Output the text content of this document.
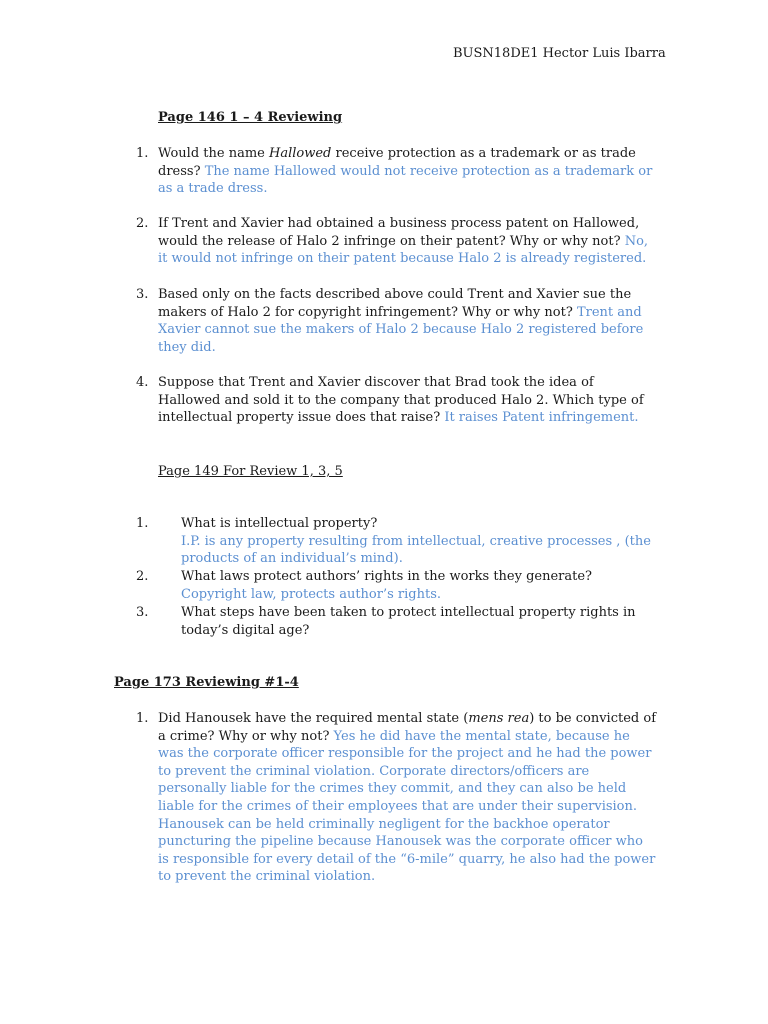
BUSN18DE1 Hector Luis Ibarra
Page 146 1 – 4 Reviewing
1. Would the name Hallowed receive protection as a trademark or as trade dress? The name Hallowed would not receive protection as a trademark or as a trade dress.
2. If Trent and Xavier had obtained a business process patent on Hallowed, would the release of Halo 2 infringe on their patent? Why or why not? No, it would not infringe on their patent because Halo 2 is already registered.
3. Based only on the facts described above could Trent and Xavier sue the makers of Halo 2 for copyright infringement? Why or why not? Trent and Xavier cannot sue the makers of Halo 2 because Halo 2 registered before they did.
4. Suppose that Trent and Xavier discover that Brad took the idea of Hallowed and sold it to the company that produced Halo 2. Which type of intellectual property issue does that raise? It raises Patent infringement.
Page 149 For Review 1, 3, 5
1.	What is intellectual property?
I.P. is any property resulting from intellectual, creative processes , (the products of an individual’s mind).
2.	What laws protect authors’ rights in the works they generate?
Copyright law, protects author’s rights.
3.	What steps have been taken to protect intellectual property rights in today’s digital age?
Page 173 Reviewing #1-4
1. Did Hanousek have the required mental state (mens rea) to be convicted of a crime? Why or why not? Yes he did have the mental state, because he was the corporate officer responsible for the project and he had the power to prevent the criminal violation. Corporate directors/officers are personally liable for the crimes they commit, and they can also be held liable for the crimes of their employees that are under their supervision. Hanousek can be held criminally negligent for the backhoe operator puncturing the pipeline because Hanousek was the corporate officer who is responsible for every detail of the “6-mile” quarry, he also had the power to prevent the criminal violation.
